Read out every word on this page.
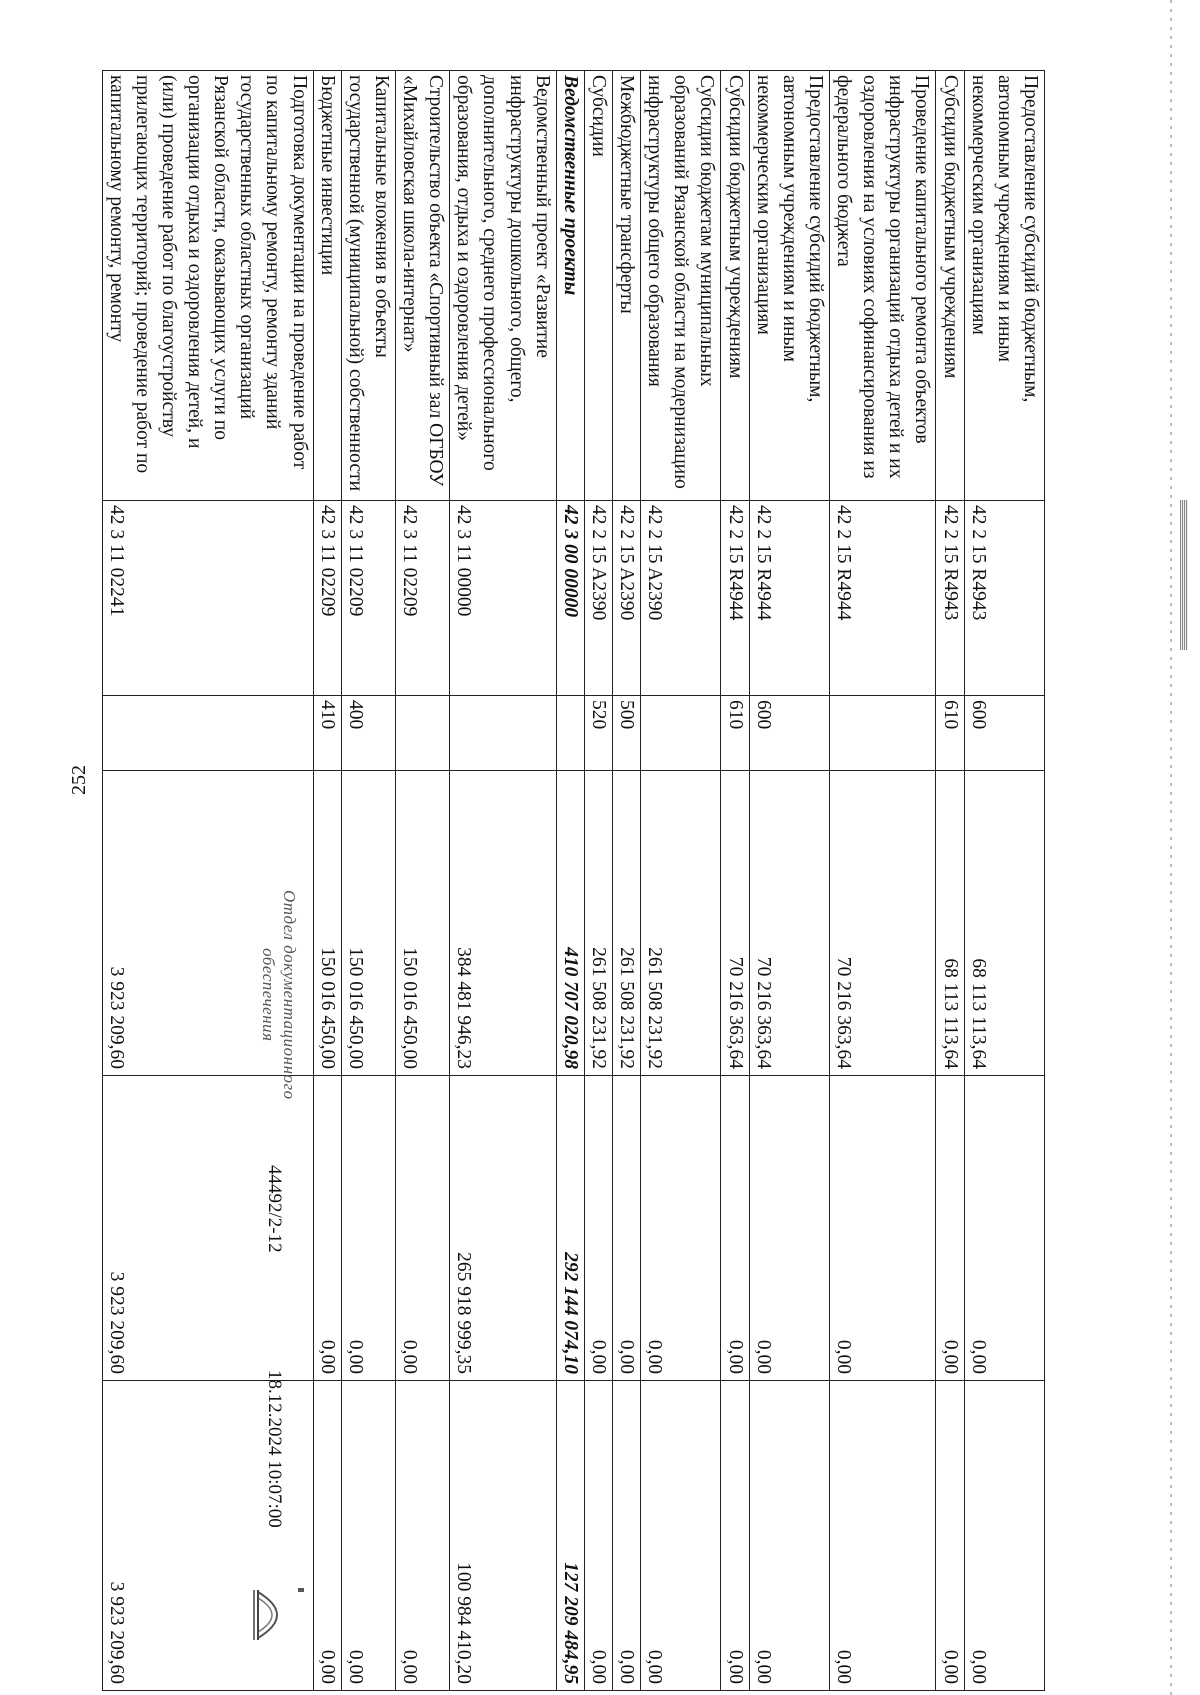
252
Предоставление субсидий бюджетным, автономным учреждениям и иным некоммерческим организациям	42 2 15 R4943	600	68 113 113,64	0,00	0,00
Субсидии бюджетным учреждениям	42 2 15 R4943	610	68 113 113,64	0,00	0,00
Проведение капитального ремонта объектов инфраструктуры организаций отдыха детей и их оздоровления на условиях софинансирования из федерального бюджета	42 2 15 R4944		70 216 363,64	0,00	0,00
Предоставление субсидий бюджетным, автономным учреждениям и иным некоммерческим организациям	42 2 15 R4944	600	70 216 363,64	0,00	0,00
Субсидии бюджетным учреждениям	42 2 15 R4944	610	70 216 363,64	0,00	0,00
Субсидии бюджетам муниципальных образований Рязанской области на модернизацию инфраструктуры общего образования	42 2 15 A2390		261 508 231,92	0,00	0,00
Межбюджетные трансферты	42 2 15 A2390	500	261 508 231,92	0,00	0,00
Субсидии	42 2 15 A2390	520	261 508 231,92	0,00	0,00
Ведомственные проекты	42 3 00 00000		410 707 020,98	292 144 074,10	127 209 484,95
Ведомственный проект «Развитие инфраструктуры дошкольного, общего, дополнительного, среднего профессионального образования, отдыха и оздоровления детей»	42 3 11 00000		384 481 946,23	265 918 999,35	100 984 410,20
Строительство объекта «Спортивный зал ОГБОУ «Михайловская школа-интернат»	42 3 11 02209		150 016 450,00	0,00	0,00
Капитальные вложения в объекты государственной (муниципальной) собственности	42 3 11 02209	400	150 016 450,00	0,00	0,00
Бюджетные инвестиции	42 3 11 02209	410	150 016 450,00	0,00	0,00
Подготовка документации на проведение работ по капитальному ремонту, ремонту зданий государственных областных организаций Рязанской области, оказывающих услуги по организации отдыха и оздоровления детей, и (или) проведение работ по благоустройству прилегающих территорий; проведение работ по капитальному ремонту, ремонту	42 3 11 02241		3 923 209,60	3 923 209,60	3 923 209,60
18.12.2024 10:07:00
44492/2-12
Отдел документационного
обеспечения
